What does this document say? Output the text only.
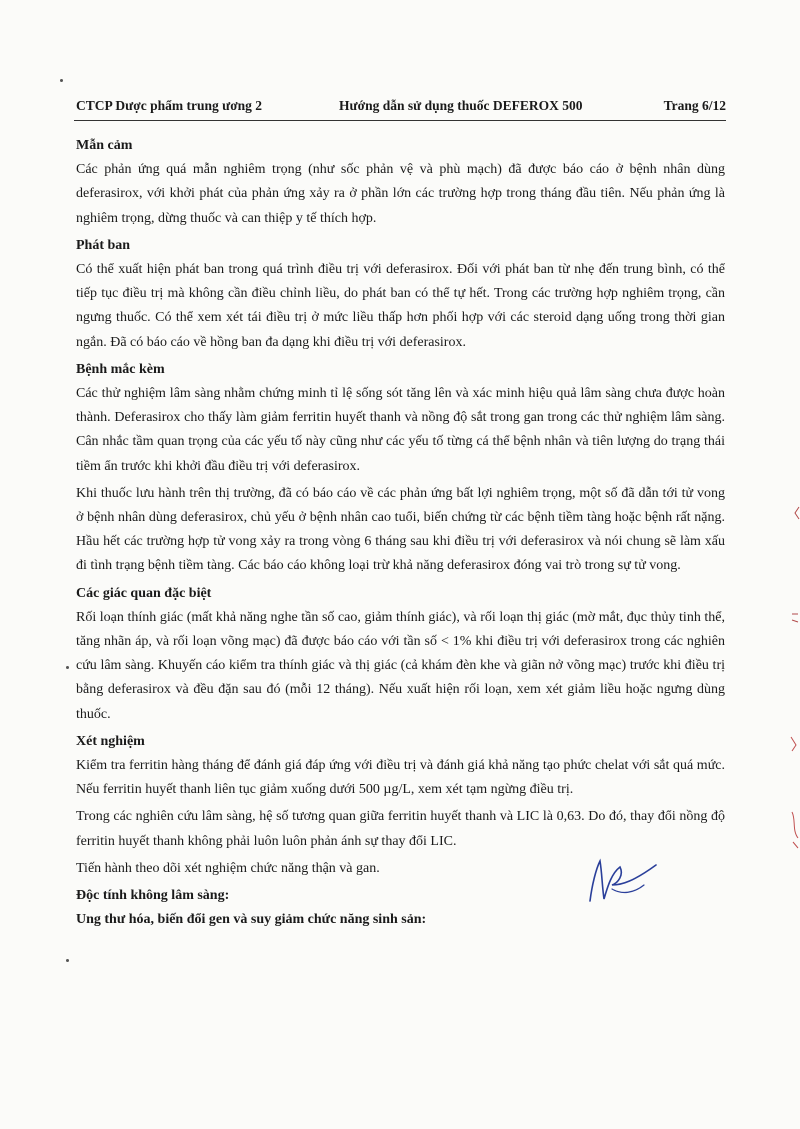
CTCP Dược phẩm trung ương 2	Hướng dẫn sử dụng thuốc DEFEROX 500	Trang 6/12
Mẫn cảm

Các phản ứng quá mẫn nghiêm trọng (như sốc phản vệ và phù mạch) đã được báo cáo ở bệnh nhân dùng deferasirox, với khởi phát của phản ứng xảy ra ở phần lớn các trường hợp trong tháng đầu tiên. Nếu phản ứng là nghiêm trọng, dừng thuốc và can thiệp y tế thích hợp.

Phát ban

Có thể xuất hiện phát ban trong quá trình điều trị với deferasirox. Đối với phát ban từ nhẹ đến trung bình, có thể tiếp tục điều trị mà không cần điều chỉnh liều, do phát ban có thể tự hết. Trong các trường hợp nghiêm trọng, cần ngưng thuốc. Có thể xem xét tái điều trị ở mức liều thấp hơn phối hợp với các steroid dạng uống trong thời gian ngắn. Đã có báo cáo về hồng ban đa dạng khi điều trị với deferasirox.

Bệnh mắc kèm

Các thử nghiệm lâm sàng nhằm chứng minh tỉ lệ sống sót tăng lên và xác minh hiệu quả lâm sàng chưa được hoàn thành. Deferasirox cho thấy làm giảm ferritin huyết thanh và nồng độ sắt trong gan trong các thử nghiệm lâm sàng. Cân nhắc tầm quan trọng của các yếu tố này cũng như các yếu tố từng cá thể bệnh nhân và tiên lượng do trạng thái tiềm ẩn trước khi khởi đầu điều trị với deferasirox.

Khi thuốc lưu hành trên thị trường, đã có báo cáo về các phản ứng bất lợi nghiêm trọng, một số đã dẫn tới tử vong ở bệnh nhân dùng deferasirox, chủ yếu ở bệnh nhân cao tuổi, biến chứng từ các bệnh tiềm tàng hoặc bệnh rất nặng. Hầu hết các trường hợp tử vong xảy ra trong vòng 6 tháng sau khi điều trị với deferasirox và nói chung sẽ làm xấu đi tình trạng bệnh tiềm tàng. Các báo cáo không loại trừ khả năng deferasirox đóng vai trò trong sự tử vong.

Các giác quan đặc biệt

Rối loạn thính giác (mất khả năng nghe tần số cao, giảm thính giác), và rối loạn thị giác (mờ mắt, đục thủy tinh thể, tăng nhãn áp, và rối loạn võng mạc) đã được báo cáo với tần số < 1% khi điều trị với deferasirox trong các nghiên cứu lâm sàng. Khuyến cáo kiểm tra thính giác và thị giác (cả khám đèn khe và giãn nở võng mạc) trước khi điều trị bằng deferasirox và đều đặn sau đó (mỗi 12 tháng). Nếu xuất hiện rối loạn, xem xét giảm liều hoặc ngưng dùng thuốc.

Xét nghiệm

Kiểm tra ferritin hàng tháng để đánh giá đáp ứng với điều trị và đánh giá khả năng tạo phức chelat với sắt quá mức. Nếu ferritin huyết thanh liên tục giảm xuống dưới 500 µg/L, xem xét tạm ngừng điều trị.

Trong các nghiên cứu lâm sàng, hệ số tương quan giữa ferritin huyết thanh và LIC là 0,63. Do đó, thay đổi nồng độ ferritin huyết thanh không phải luôn luôn phản ánh sự thay đổi LIC.

Tiến hành theo dõi xét nghiệm chức năng thận và gan.

Độc tính không lâm sàng:
Ung thư hóa, biến đổi gen và suy giảm chức năng sinh sản:
